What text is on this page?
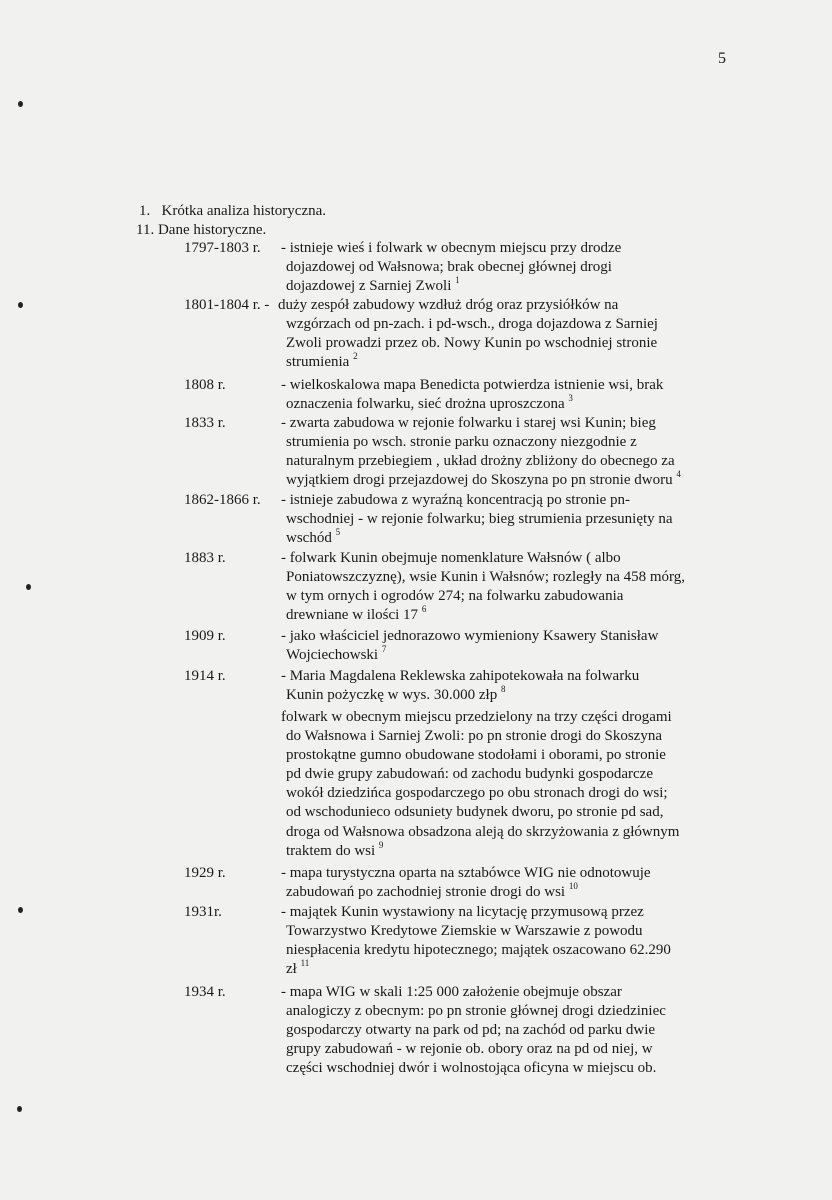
5
1. Krótka analiza historyczna.
11. Dane historyczne.
1797-1803 r. - istnieje wieś i folwark w obecnym miejscu przy drodze
dojazdowej od Wałsnowa; brak obecnej głównej drogi
dojazdowej z Sarniej Zwoli $^1$
1801-1804 r. - duży zespół zabudowy wzdłuż dróg oraz przysiółków na
wzgórzach od pn-zach. i pd-wsch., droga dojazdowa z Sarniej
Zwoli prowadzi przez ob. Nowy Kunin po wschodniej stronie
strumienia $^2$
1808 r.	- wielkoskalowa mapa Benedicta potwierdza istnienie wsi, brak
oznaczenia folwarku, sieć drożna uproszczona $^3$
1833 r.	- zwarta zabudowa w rejonie folwarku i starej wsi Kunin; bieg
strumienia po wsch. stronie parku oznaczony niezgodnie z
naturalnym przebiegiem , układ drożny zbliżony do obecnego za
wyjątkiem drogi przejazdowej do Skoszyna po pn stronie dworu $^4$
1862-1866 r. - istnieje zabudowa z wyraźną koncentracją po stronie pn-
wschodniej - w rejonie folwarku; bieg strumienia przesunięty na
wschód $^5$
1883 r.	- folwark Kunin obejmuje nomenklature Wałsnów ( albo
Poniatowszczyznę), wsie Kunin i Wałsnów; rozległy na 458 mórg,
w tym ornych i ogrodów 274; na folwarku zabudowania
drewniane w ilości 17 $^6$
1909 r.	- jako właściciel jednorazowo wymieniony Ksawery Stanisław
Wojciechowski $^7$
1914 r.	- Maria Magdalena Reklewska zahipotekowała na folwarku
Kunin pożyczkę w wys. 30.000 złp $^8$
folwark w obecnym miejscu przedzielony na trzy części drogami
do Wałsnowa i Sarniej Zwoli: po pn stronie drogi do Skoszyna
prostokątne gumno obudowane stodołami i oborami, po stronie
pd dwie grupy zabudowań: od zachodu budynki gospodarcze
wokół dziedzińca gospodarczego po obu stronach drogi do wsi;
od wschodunieco odsuniety budynek dworu, po stronie pd sad,
droga od Wałsnowa obsadzona aleją do skrzyżowania z głównym
traktem do wsi $^9$
1929 r.	- mapa turystyczna oparta na sztabówce WIG nie odnotowuje
zabudowań po zachodniej stronie drogi do wsi $^{10}$
1931r.	- majątek Kunin wystawiony na licytację przymusową przez
Towarzystwo Kredytowe Ziemskie w Warszawie z powodu
niespłacenia kredytu hipotecznego; majątek oszacowano 62.290
zł $^{11}$
1934 r.	- mapa WIG w skali 1:25 000 założenie obejmuje obszar
analogiczy z obecnym: po pn stronie głównej drogi dziedziniec
gospodarczy otwarty na park od pd; na zachód od parku dwie
grupy zabudowań - w rejonie ob. obory oraz na pd od niej, w
części wschodniej dwór i wolnostojąca oficyna w miejscu ob.
